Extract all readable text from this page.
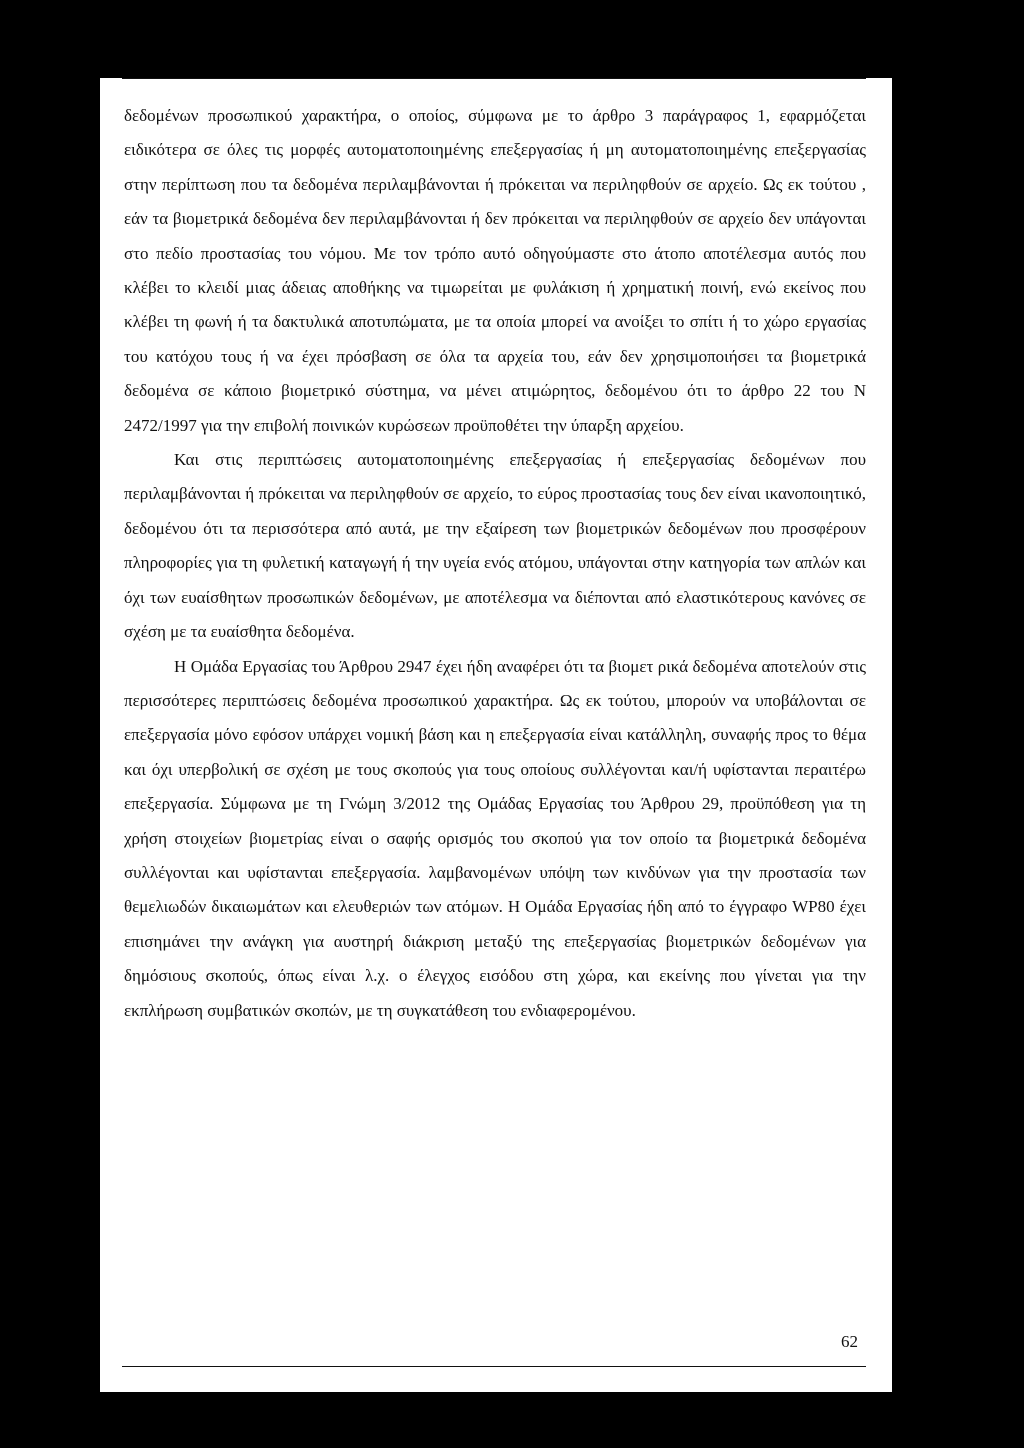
δεδομένων προσωπικού χαρακτήρα, ο οποίος, σύμφωνα με το άρθρο 3 παράγραφος 1, εφαρμόζεται ειδικότερα σε όλες τις μορφές αυτοματοποιημένης επεξεργασίας ή μη αυτοματοποιημένης επεξεργασίας στην περίπτωση που τα δεδομένα περιλαμβάνονται ή πρόκειται να περιληφθούν σε αρχείο. Ως εκ τούτου , εάν τα βιομετρικά δεδομένα δεν περιλαμβάνονται ή δεν πρόκειται να περιληφθούν σε αρχείο δεν υπάγονται στο πεδίο προστασίας του νόμου. Με τον τρόπο αυτό οδηγούμαστε στο άτοπο αποτέλεσμα αυτός που κλέβει το κλειδί μιας άδειας αποθήκης να τιμωρείται με φυλάκιση ή χρηματική ποινή, ενώ εκείνος που κλέβει τη φωνή ή τα δακτυλικά αποτυπώματα, με τα οποία μπορεί να ανοίξει το σπίτι ή το χώρο εργασίας του κατόχου τους ή να έχει πρόσβαση σε όλα τα αρχεία του, εάν δεν χρησιμοποιήσει τα βιομετρικά δεδομένα σε κάποιο βιομετρικό σύστημα, να μένει ατιμώρητος, δεδομένου ότι το άρθρο 22 του Ν 2472/1997 για την επιβολή ποινικών κυρώσεων προϋποθέτει την ύπαρξη αρχείου.

Και στις περιπτώσεις αυτοματοποιημένης επεξεργασίας ή επεξεργασίας δεδομένων που περιλαμβάνονται ή πρόκειται να περιληφθούν σε αρχείο, το εύρος προστασίας τους δεν είναι ικανοποιητικό, δεδομένου ότι τα περισσότερα από αυτά, με την εξαίρεση των βιομετρικών δεδομένων που προσφέρουν πληροφορίες για τη φυλετική καταγωγή ή την υγεία ενός ατόμου, υπάγονται στην κατηγορία των απλών και όχι των ευαίσθητων προσωπικών δεδομένων, με αποτέλεσμα να διέπονται από ελαστικότερους κανόνες σε σχέση με τα ευαίσθητα δεδομένα.

Η Ομάδα Εργασίας του Άρθρου 2947 έχει ήδη αναφέρει ότι τα βιομετ ρικά δεδομένα αποτελούν στις περισσότερες περιπτώσεις δεδομένα προσωπικού χαρακτήρα. Ως εκ τούτου, μπορούν να υποβάλονται σε επεξεργασία μόνο εφόσον υπάρχει νομική βάση και η επεξεργασία είναι κατάλληλη, συναφής προς το θέμα και όχι υπερβολική σε σχέση με τους σκοπούς για τους οποίους συλλέγονται και/ή υφίστανται περαιτέρω επεξεργασία. Σύμφωνα με τη Γνώμη 3/2012 της Ομάδας Εργασίας του Άρθρου 29, προϋπόθεση για τη χρήση στοιχείων βιομετρίας είναι ο σαφής ορισμός του σκοπού για τον οποίο τα βιομετρικά δεδομένα συλλέγονται και υφίστανται επεξεργασία. λαμβανομένων υπόψη των κινδύνων για την προστασία των θεμελιωδών δικαιωμάτων και ελευθεριών των ατόμων. Η Ομάδα Εργασίας ήδη από το έγγραφο WP80 έχει επισημάνει την ανάγκη για αυστηρή διάκριση μεταξύ της επεξεργασίας βιομετρικών δεδομένων για δημόσιους σκοπούς, όπως είναι λ.χ. ο έλεγχος εισόδου στη χώρα, και εκείνης που γίνεται για την εκπλήρωση συμβατικών σκοπών, με τη συγκατάθεση του ενδιαφερομένου.

62
